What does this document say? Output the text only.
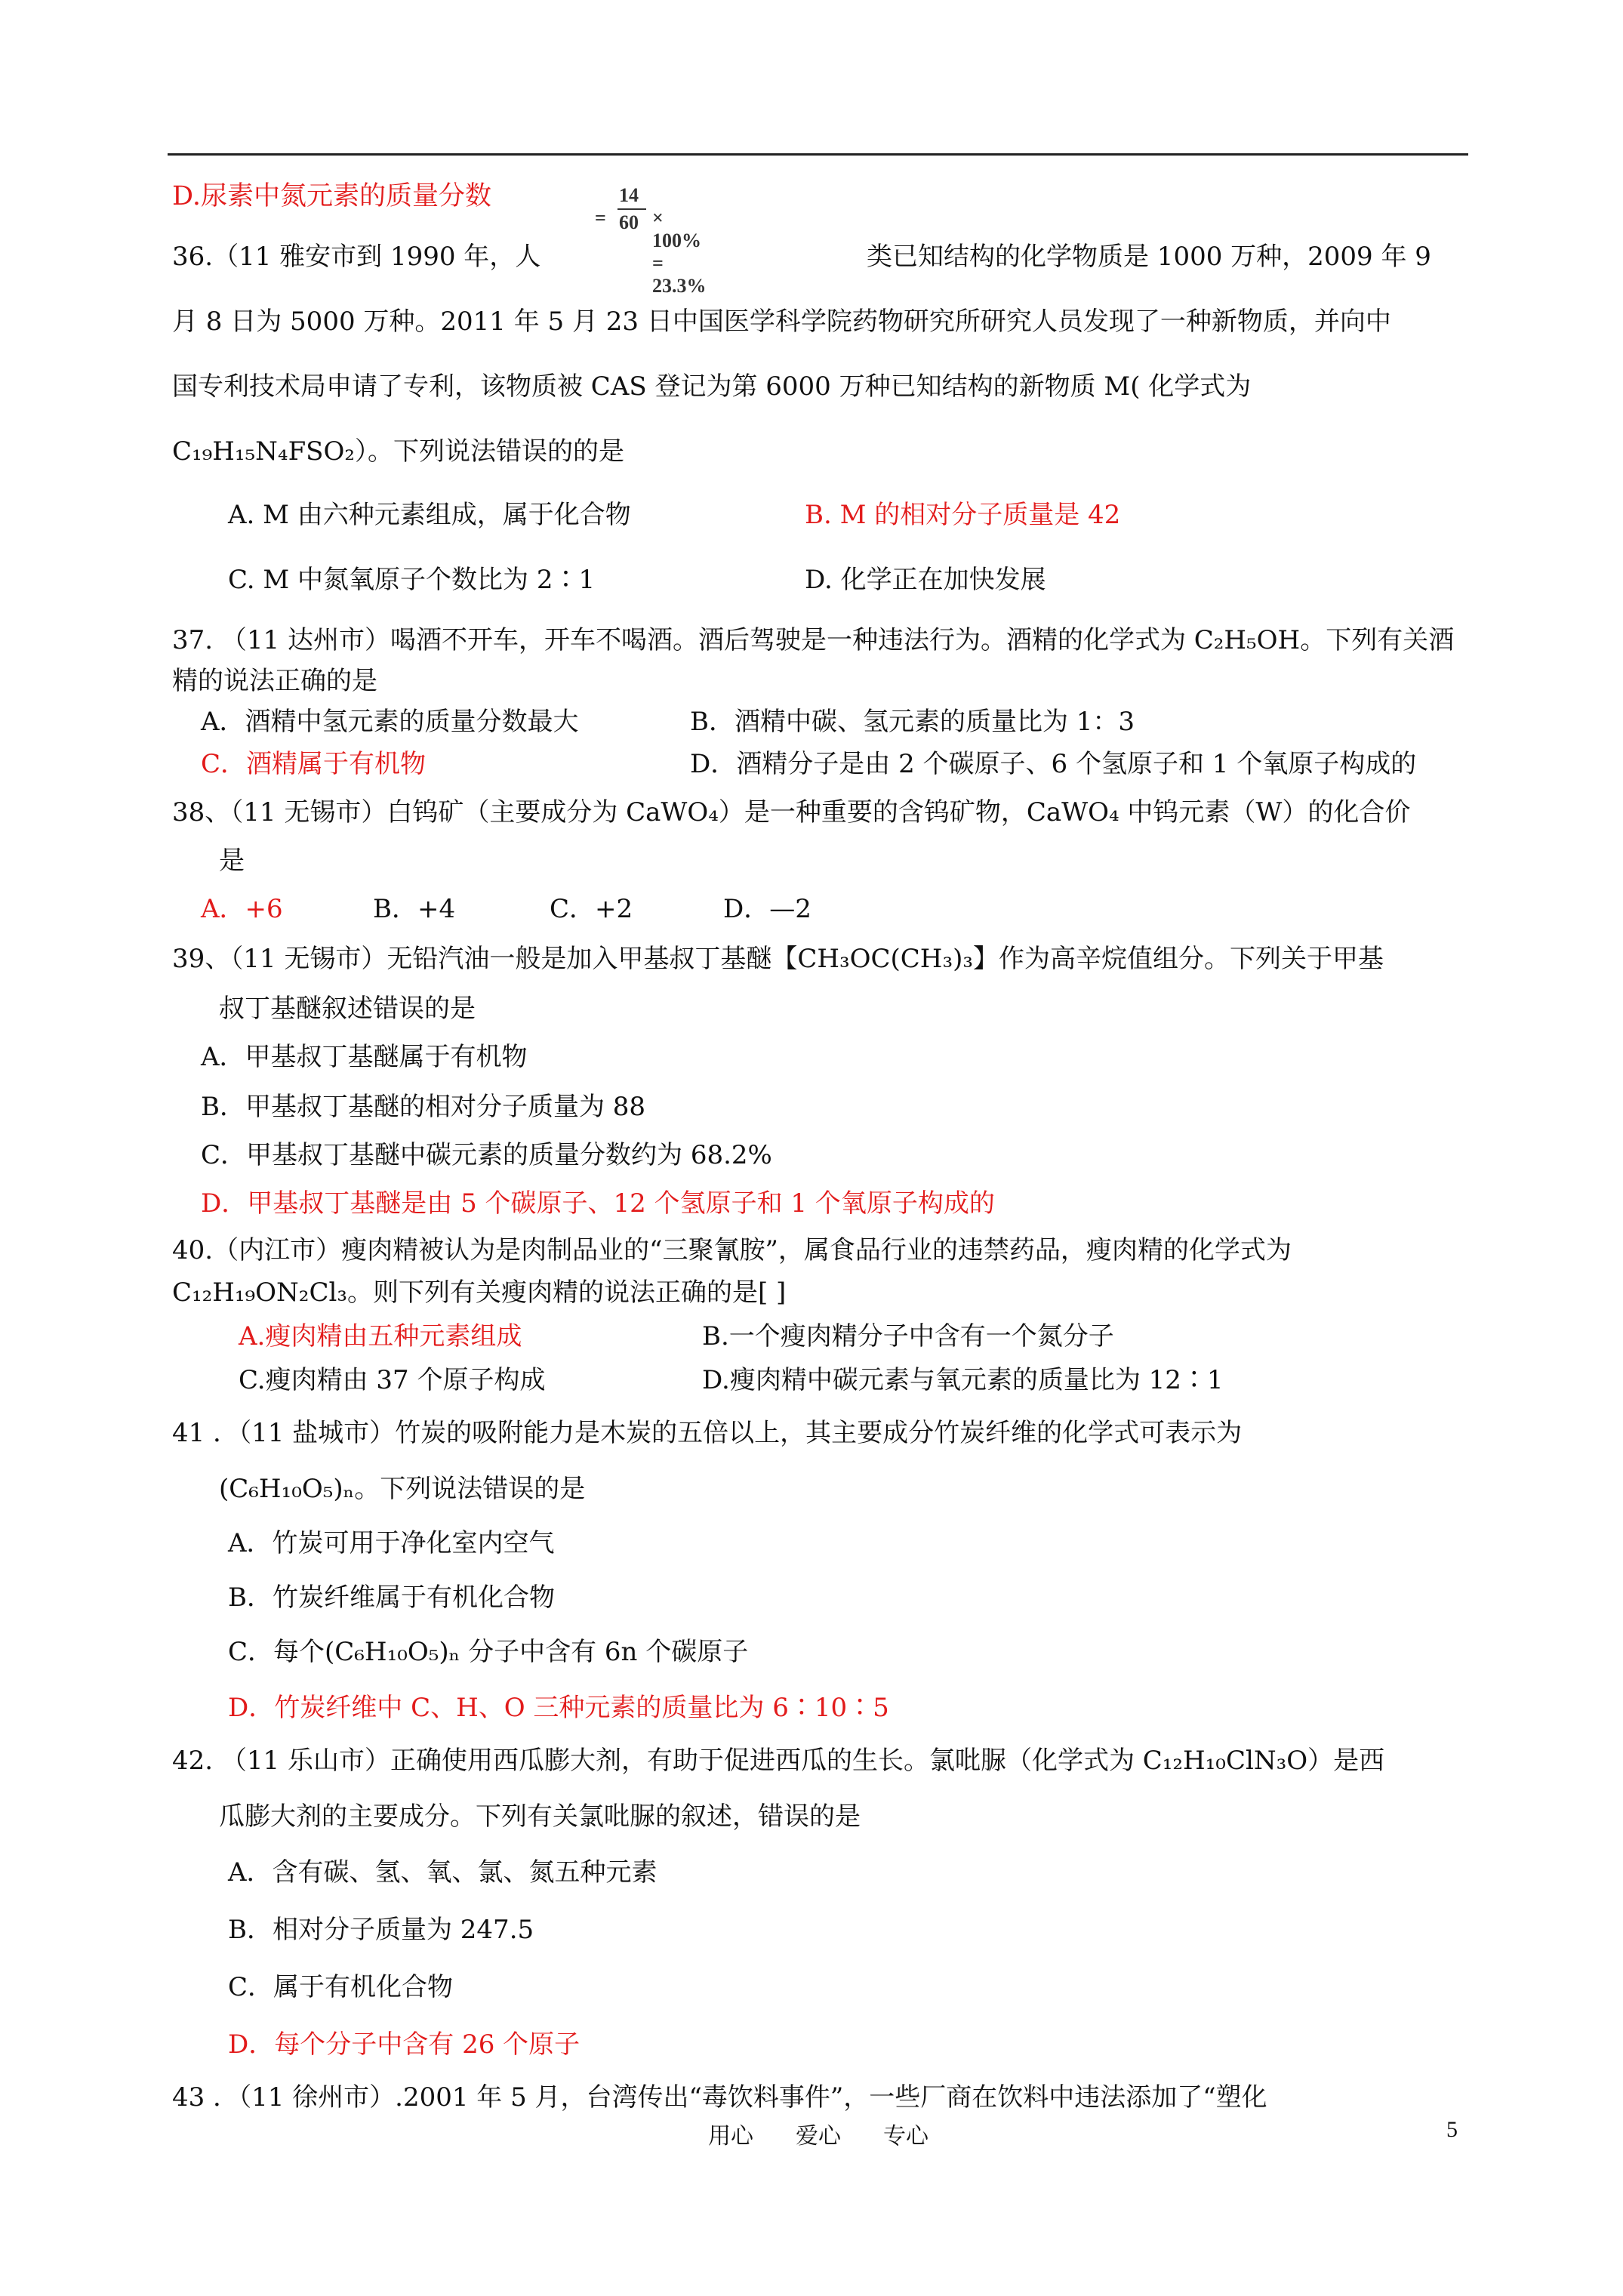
D.尿素中氮元素的质量分数
=
14
60 × 100% = 23.3%
36.（11 雅安市到 1990 年，人	类已知结构的化学物质是 1000 万种，2009 年 9
月 8 日为 5000 万种。2011 年 5 月 23 日中国医学科学院药物研究所研究人员发现了一种新物质，并向中
国专利技术局申请了专利，该物质被 CAS 登记为第 6000 万种已知结构的新物质 M( 化学式为
C₁₉H₁₅N₄FSO₂）。下列说法错误的的是
A. M 由六种元素组成，属于化合物	B. M 的相对分子质量是 42
C. M 中氮氧原子个数比为 2∶1	D. 化学正在加快发展
37. （11 达州市）喝酒不开车，开车不喝酒。酒后驾驶是一种违法行为。酒精的化学式为 C₂H₅OH。下列有关酒
精的说法正确的是
A．酒精中氢元素的质量分数最大	B．酒精中碳、氢元素的质量比为 1：3
C．酒精属于有机物	D．酒精分子是由 2 个碳原子、6 个氢原子和 1 个氧原子构成的
38、（11 无锡市）白钨矿（主要成分为 CaWO₄）是一种重要的含钨矿物，CaWO₄ 中钨元素（W）的化合价
是
A．+6	B．+4	C．+2	D．—2
39、（11 无锡市）无铅汽油一般是加入甲基叔丁基醚【CH₃OC(CH₃)₃】作为高辛烷值组分。下列关于甲基
叔丁基醚叙述错误的是
A．甲基叔丁基醚属于有机物
B．甲基叔丁基醚的相对分子质量为 88
C．甲基叔丁基醚中碳元素的质量分数约为 68.2%
D．甲基叔丁基醚是由 5 个碳原子、12 个氢原子和 1 个氧原子构成的
40.（内江市）瘦肉精被认为是肉制品业的“三聚氰胺”，属食品行业的违禁药品，瘦肉精的化学式为
C₁₂H₁₉ON₂Cl₃。则下列有关瘦肉精的说法正确的是[ ]
A.瘦肉精由五种元素组成	B.一个瘦肉精分子中含有一个氮分子
C.瘦肉精由 37 个原子构成	D.瘦肉精中碳元素与氧元素的质量比为 12∶1
41 ．（11 盐城市）竹炭的吸附能力是木炭的五倍以上，其主要成分竹炭纤维的化学式可表示为
(C₆H₁₀O₅)ₙ。下列说法错误的是
A．竹炭可用于净化室内空气
B．竹炭纤维属于有机化合物
C．每个(C₆H₁₀O₅)ₙ 分子中含有 6n 个碳原子
D．竹炭纤维中 C、H、O 三种元素的质量比为 6∶10∶5
42. （11 乐山市）正确使用西瓜膨大剂，有助于促进西瓜的生长。氯吡脲（化学式为 C₁₂H₁₀ClN₃O）是西
瓜膨大剂的主要成分。下列有关氯吡脲的叙述，错误的是
A．含有碳、氢、氧、氯、氮五种元素
B．相对分子质量为 247.5
C．属于有机化合物
D．每个分子中含有 26 个原子
43 ．（11 徐州市）.2001 年 5 月，台湾传出“毒饮料事件”，一些厂商在饮料中违法添加了“塑化
用心 爱心 专心	5
